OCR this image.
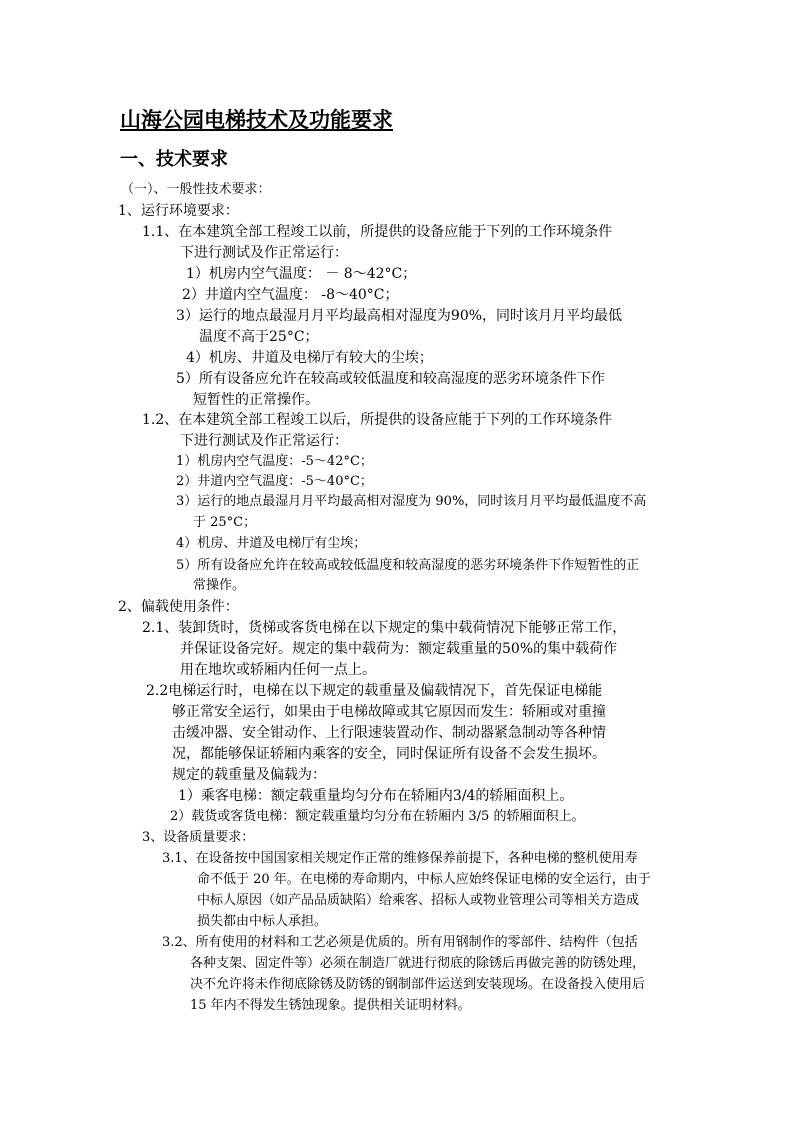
山海公园电梯技术及功能要求
一、技术要求
（一）、一般性技术要求：
1、运行环境要求：
1.1、在本建筑全部工程竣工以前，所提供的设备应能于下列的工作环境条件
下进行测试及作正常运行：
1）机房内空气温度： － 8～42°C；
2）井道内空气温度： -8～40°C；
3）运行的地点最湿月月平均最高相对湿度为90%，同时该月月平均最低
温度不高于25°C；
4）机房、井道及电梯厅有较大的尘埃；
5）所有设备应允许在较高或较低温度和较高湿度的恶劣环境条件下作
短暂性的正常操作。
1.2、在本建筑全部工程竣工以后，所提供的设备应能于下列的工作环境条件
下进行测试及作正常运行：
1）机房内空气温度：-5～42°C；
2）井道内空气温度：-5～40°C；
3）运行的地点最湿月月平均最高相对湿度为 90%，同时该月月平均最低温度不高
于 25°C；
4）机房、井道及电梯厅有尘埃；
5）所有设备应允许在较高或较低温度和较高湿度的恶劣环境条件下作短暂性的正
常操作。
2、偏载使用条件：
2.1、装卸货时，货梯或客货电梯在以下规定的集中载荷情况下能够正常工作，
并保证设备完好。规定的集中载荷为：额定载重量的50%的集中载荷作
用在地坎或轿厢内任何一点上。
2.2电梯运行时，电梯在以下规定的载重量及偏载情况下，首先保证电梯能
够正常安全运行，如果由于电梯故障或其它原因而发生：轿厢或对重撞
击缓冲器、安全钳动作、上行限速装置动作、制动器紧急制动等各种情
况，都能够保证轿厢内乘客的安全，同时保证所有设备不会发生损坏。
规定的载重量及偏载为：
1）乘客电梯：额定载重量均匀分布在轿厢内3/4的轿厢面积上。
2）载货或客货电梯：额定载重量均匀分布在轿厢内 3/5 的轿厢面积上。
3、设备质量要求：
3.1、在设备按中国国家相关规定作正常的维修保养前提下，各种电梯的整机使用寿
命不低于 20 年。在电梯的寿命期内，中标人应始终保证电梯的安全运行，由于
中标人原因（如产品品质缺陷）给乘客、招标人或物业管理公司等相关方造成
损失都由中标人承担。
3.2、所有使用的材料和工艺必须是优质的。所有用钢制作的零部件、结构件（包括
各种支架、固定件等）必须在制造厂就进行彻底的除锈后再做完善的防锈处理，
决不允许将未作彻底除锈及防锈的钢制部件运送到安装现场。在设备投入使用后
15 年内不得发生锈蚀现象。提供相关证明材料。
